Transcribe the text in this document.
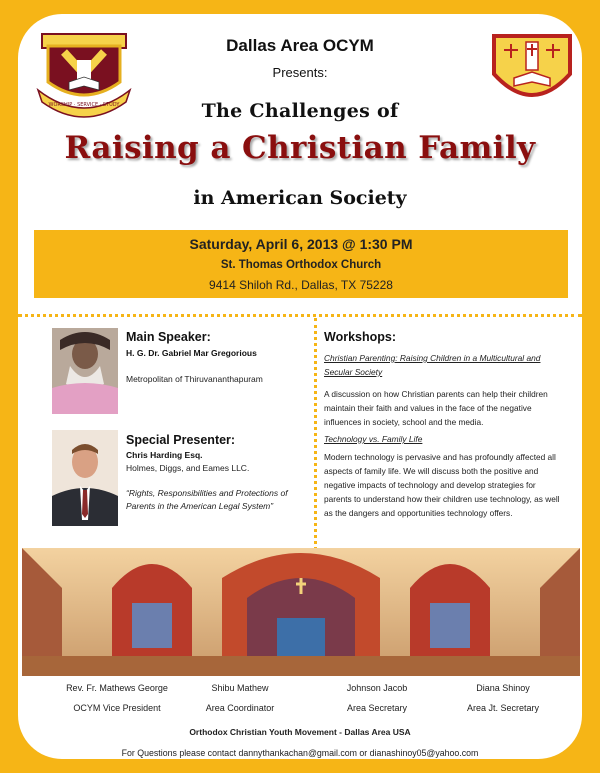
WORSHIP · SERVICE · STUDY
Dallas Area OCYM
Presents:
The Challenges of
Raising a Christian Family
in American Society
Saturday, April 6, 2013 @ 1:30 PM
St. Thomas Orthodox Church
9414 Shiloh Rd., Dallas, TX 75228
Main Speaker:
H. G. Dr. Gabriel Mar Gregorious
Metropolitan of Thiruvananthapuram
Special Presenter:
Chris Harding Esq.
Holmes, Diggs, and Eames LLC.
“Rights, Responsibilities and Protections of Parents in the American Legal System”
Workshops:
Christian Parenting: Raising Children in a Multicultural and Secular Society
A discussion on how Christian parents can help their children maintain their faith and values in the face of the negative influences in society, school and the media.
Technology vs. Family Life
Modern technology is pervasive and has profoundly affected all aspects of family life. We will discuss both the positive and negative impacts of technology and develop strategies for parents to understand how their children use technology, as well as the dangers and opportunities technology offers.
Rev. Fr. Mathews George
OCYM Vice President
Shibu Mathew
Area Coordinator
Johnson Jacob
Area Secretary
Diana Shinoy
Area Jt. Secretary
Orthodox Christian Youth Movement - Dallas Area USA
For Questions please contact dannythankachan@gmail.com or dianashinoy05@yahoo.com
